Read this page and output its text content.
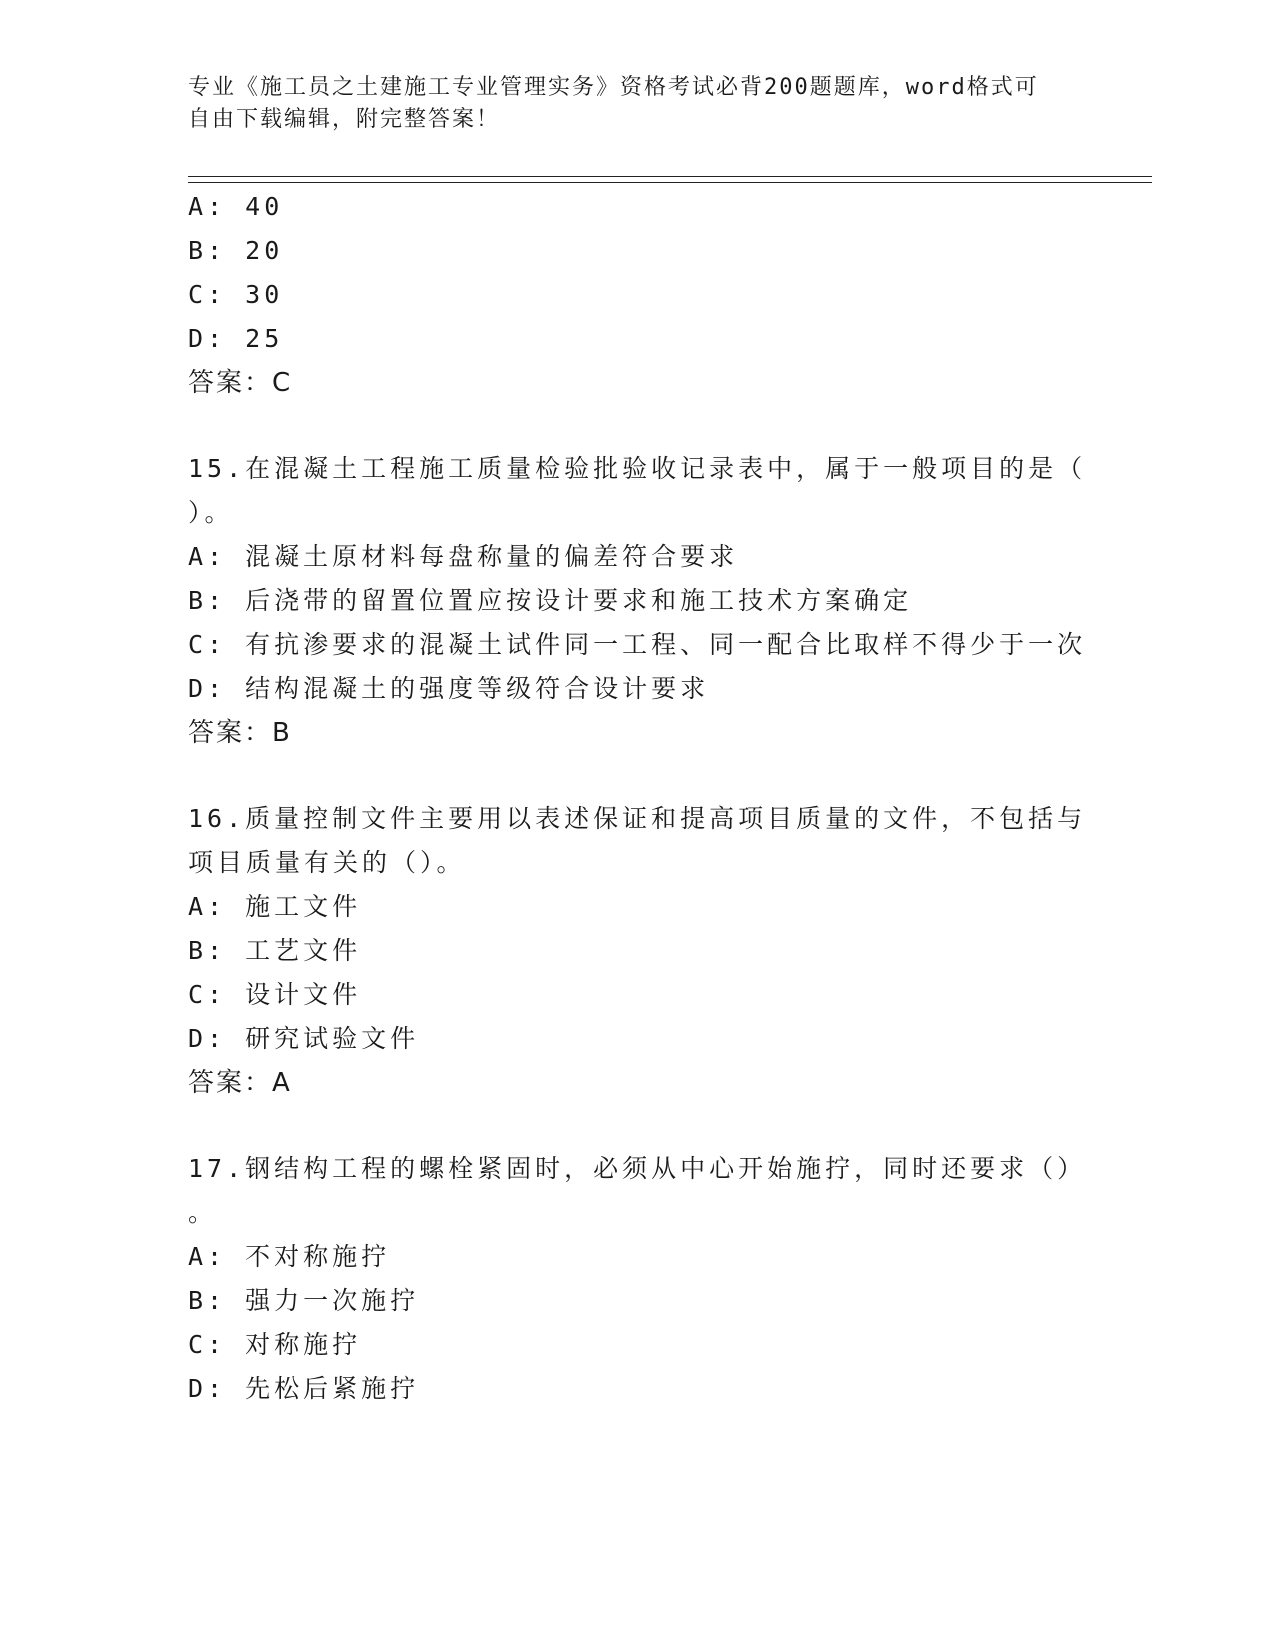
专业《施工员之土建施工专业管理实务》资格考试必背200题题库，word格式可
自由下载编辑，附完整答案！
A: 40
B: 20
C: 30
D: 25
答案：C
15.在混凝土工程施工质量检验批验收记录表中，属于一般项目的是（
）。
A: 混凝土原材料每盘称量的偏差符合要求
B: 后浇带的留置位置应按设计要求和施工技术方案确定
C: 有抗渗要求的混凝土试件同一工程、同一配合比取样不得少于一次
D: 结构混凝土的强度等级符合设计要求
答案：B
16.质量控制文件主要用以表述保证和提高项目质量的文件，不包括与
项目质量有关的（）。
A: 施工文件
B: 工艺文件
C: 设计文件
D: 研究试验文件
答案：A
17.钢结构工程的螺栓紧固时，必须从中心开始施拧，同时还要求（）
。
A: 不对称施拧
B: 强力一次施拧
C: 对称施拧
D: 先松后紧施拧
